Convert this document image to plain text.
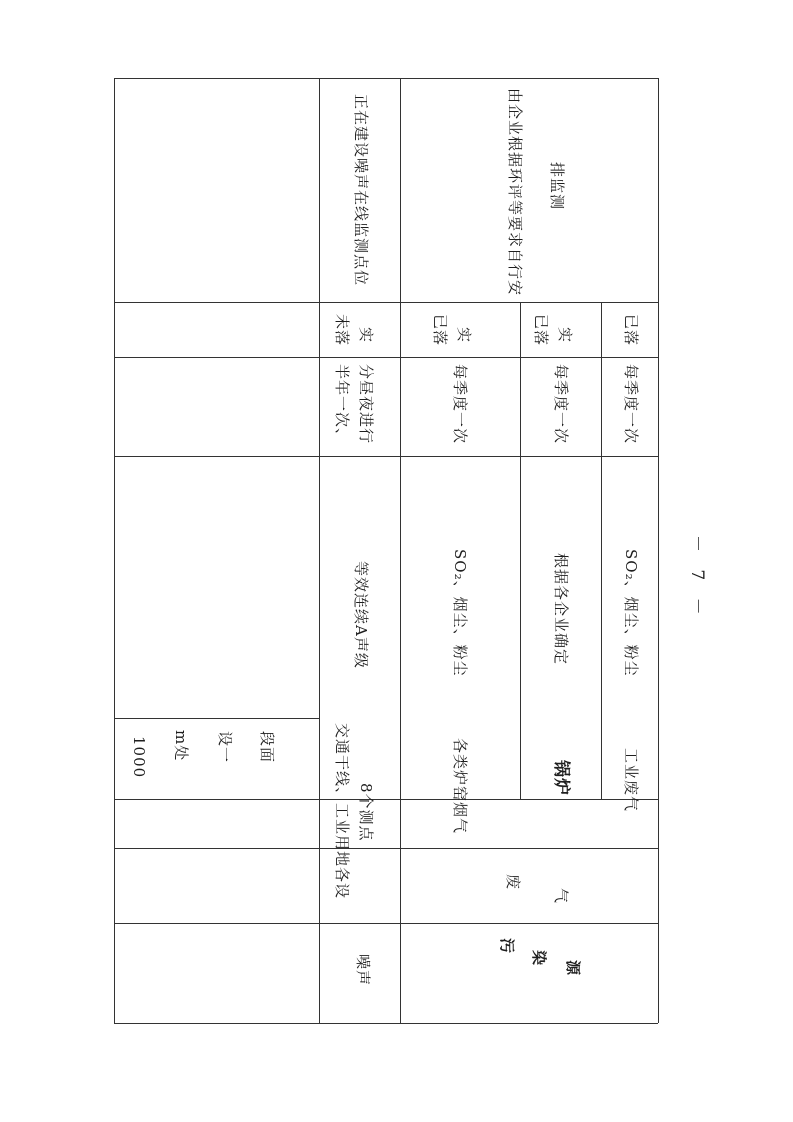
1000 m处 设一 段面
噪声
交通干线、工业用地各设 8个测点
等效连续A声级
半年一次、 分昼夜进行
未落 实
正在建设噪声在线监测点位
污
染
源
废
气
各类炉窑烟气
SO₂、烟尘、粉尘
每季度一次
已落 实
锅炉
根据各企业确定
每季度一次
已落 实
工业废气
SO₂、烟尘、粉尘
每季度一次
已落
由企业根据环评等要求自行安 排监测
－ 7 －
